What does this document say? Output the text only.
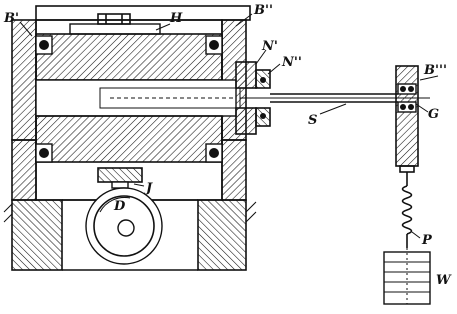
B'
B''
H
N'
N''
B'''
S	G
J
D
P
W
